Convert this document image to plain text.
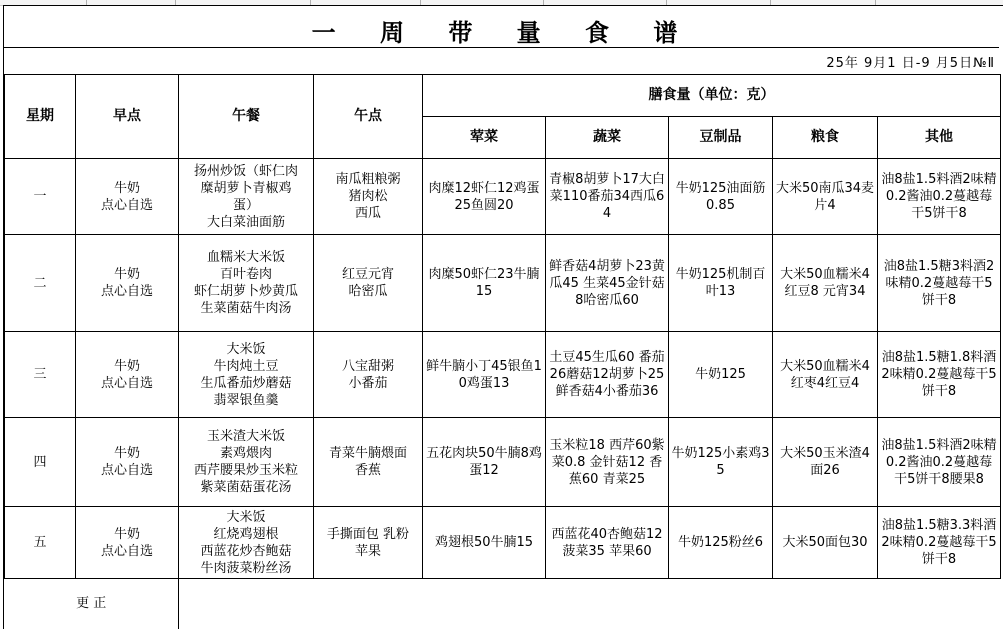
一 周 带 量 食 谱
25年 9月1 日-9 月5日№Ⅱ
星期	早点	午餐	午点	膳食量（单位：克）				
				荤菜	蔬菜	豆制品	粮食	其他
一	牛奶
点心自选	扬州炒饭（虾仁肉
糜胡萝卜青椒鸡
蛋）
大白菜油面筋	南瓜粗粮粥
猪肉松
西瓜	肉糜12虾仁12鸡蛋25鱼圆20	青椒8胡萝卜17大白菜110番茄34西瓜64	牛奶125油面筋0.85	大米50南瓜34麦片4	油8盐1.5料酒2味精0.2酱油0.2蔓越莓干5饼干8
二	牛奶
点心自选	血糯米大米饭
百叶卷肉
虾仁胡萝卜炒黄瓜
生菜菌菇牛肉汤	红豆元宵
哈密瓜	肉糜50虾仁23牛腩15	鲜香菇4胡萝卜23黄瓜45 生菜45金针菇8哈密瓜60	牛奶125机制百叶13	大米50血糯米4红豆8 元宵34	油8盐1.5糖3料酒2味精0.2蔓越莓干5饼干8
三	牛奶
点心自选	大米饭
牛肉炖土豆
生瓜番茄炒蘑菇
翡翠银鱼羹	八宝甜粥
小番茄	鲜牛腩小丁45银鱼10鸡蛋13	土豆45生瓜60 番茄26蘑菇12胡萝卜25鲜香菇4小番茄36	牛奶125	大米50血糯米4红枣4红豆4	油8盐1.5糖1.8料酒2味精0.2蔓越莓干5饼干8
四	牛奶
点心自选	玉米渣大米饭
素鸡煨肉
西芹腰果炒玉米粒
紫菜菌菇蛋花汤	青菜牛腩煨面
香蕉	五花肉块50牛腩8鸡蛋12	玉米粒18 西芹60紫菜0.8 金针菇12 香蕉60 青菜25	牛奶125小素鸡35	大米50玉米渣4面26	油8盐1.5料酒2味精0.2酱油0.2蔓越莓干5饼干8腰果8
五	牛奶
点心自选	大米饭
红烧鸡翅根
西蓝花炒杏鲍菇
牛肉菠菜粉丝汤	手撕面包 乳粉
苹果	鸡翅根50牛腩15	西蓝花40杏鲍菇12菠菜35 苹果60	牛奶125粉丝6	大米50面包30	油8盐1.5糖3.3料酒2味精0.2蔓越莓干5饼干8
更 正								
